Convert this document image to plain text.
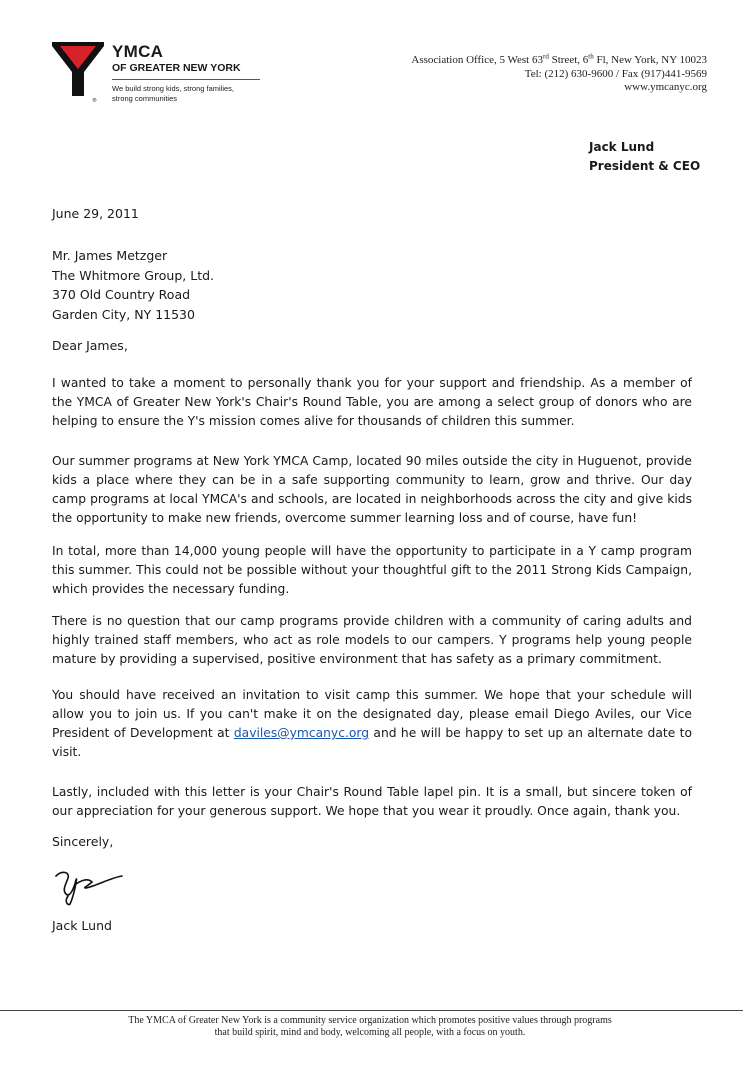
®
YMCA
OF GREATER NEW YORK
We build strong kids, strong families,
strong communities
Association Office, 5 West 63rd Street, 6th Fl, New York, NY 10023
Tel: (212) 630-9600 / Fax (917)441-9569
www.ymcanyc.org
Jack Lund
President & CEO
June 29, 2011
Mr. James Metzger
The Whitmore Group, Ltd.
370 Old Country Road
Garden City, NY 11530
Dear James,
I wanted to take a moment to personally thank you for your support and friendship. As a member of the YMCA of Greater New York's Chair's Round Table, you are among a select group of donors who are helping to ensure the Y's mission comes alive for thousands of children this summer.
Our summer programs at New York YMCA Camp, located 90 miles outside the city in Huguenot, provide kids a place where they can be in a safe supporting community to learn, grow and thrive. Our day camp programs at local YMCA's and schools, are located in neighborhoods across the city and give kids the opportunity to make new friends, overcome summer learning loss and of course, have fun!
In total, more than 14,000 young people will have the opportunity to participate in a Y camp program this summer. This could not be possible without your thoughtful gift to the 2011 Strong Kids Campaign, which provides the necessary funding.
There is no question that our camp programs provide children with a community of caring adults and highly trained staff members, who act as role models to our campers. Y programs help young people mature by providing a supervised, positive environment that has safety as a primary commitment.
You should have received an invitation to visit camp this summer. We hope that your schedule will allow you to join us. If you can't make it on the designated day, please email Diego Aviles, our Vice President of Development at daviles@ymcanyc.org and he will be happy to set up an alternate date to visit.
Lastly, included with this letter is your Chair's Round Table lapel pin. It is a small, but sincere token of our appreciation for your generous support. We hope that you wear it proudly. Once again, thank you.
Sincerely,
Jack Lund
The YMCA of Greater New York is a community service organization which promotes positive values through programs
that build spirit, mind and body, welcoming all people, with a focus on youth.
